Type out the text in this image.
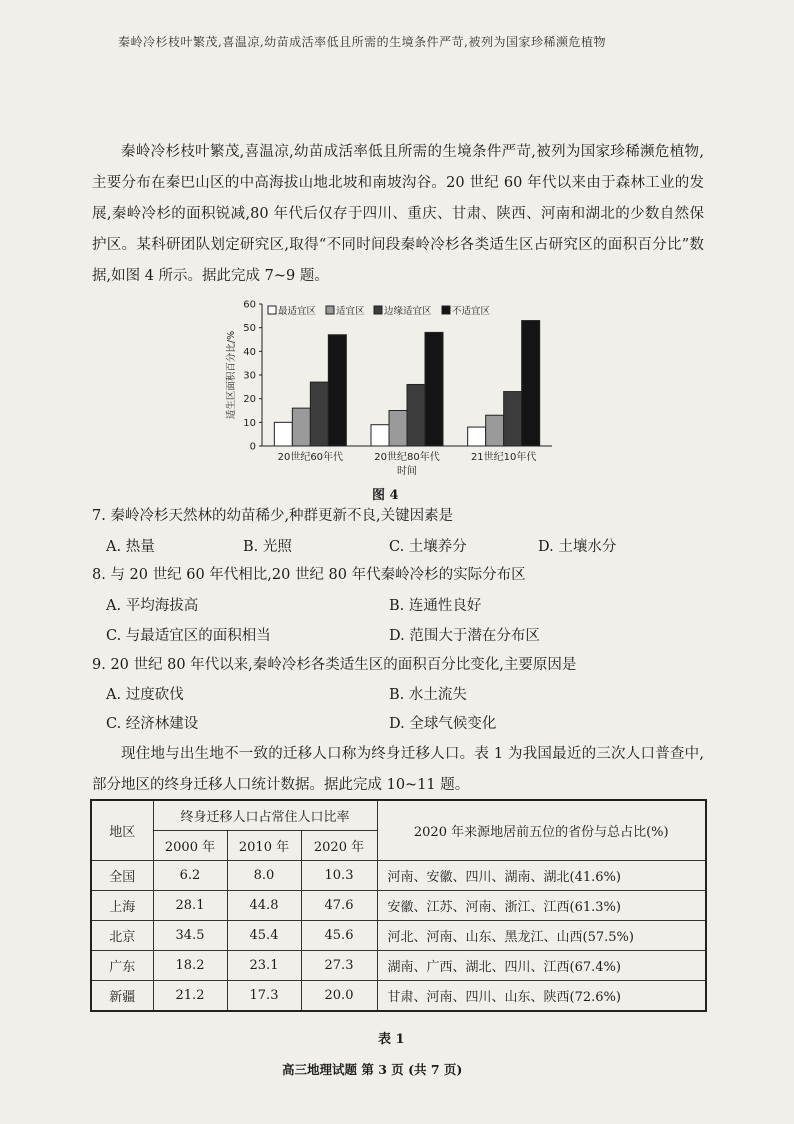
秦岭冷杉枝叶繁茂,喜温凉,幼苗成活率低且所需的生境条件严苛,被列为国家珍稀濒危植物

秦岭冷杉枝叶繁茂,喜温凉,幼苗成活率低且所需的生境条件严苛,被列为国家珍稀濒危植物,主要分布在秦巴山区的中高海拔山地北坡和南坡沟谷。20 世纪 60 年代以来由于森林工业的发展,秦岭冷杉的面积锐减,80 年代后仅存于四川、重庆、甘肃、陕西、河南和湖北的少数自然保护区。某科研团队划定研究区,取得“不同时间段秦岭冷杉各类适生区占研究区的面积百分比”数据,如图 4 所示。据此完成 7~9 题。

0
10
20
30
40
50
60
适生区面积百分比/%
20世纪60年代	20世纪80年代	21世纪10年代
时间
最适宜区 适宜区 边缘适宜区 不适宜区
图 4
7. 秦岭冷杉天然林的幼苗稀少,种群更新不良,关键因素是
A. 热量	B. 光照	C. 土壤养分	D. 土壤水分
8. 与 20 世纪 60 年代相比,20 世纪 80 年代秦岭冷杉的实际分布区
A. 平均海拔高	B. 连通性良好
C. 与最适宜区的面积相当	D. 范围大于潜在分布区
9. 20 世纪 80 年代以来,秦岭冷杉各类适生区的面积百分比变化,主要原因是
A. 过度砍伐	B. 水土流失
C. 经济林建设	D. 全球气候变化

现住地与出生地不一致的迁移人口称为终身迁移人口。表 1 为我国最近的三次人口普查中,部分地区的终身迁移人口统计数据。据此完成 10~11 题。

地区	终身迁移人口占常住人口比率			2020 年来源地居前五位的省份与总占比(%)
	2000 年	2010 年	2020 年	
全国	6.2	8.0	10.3	河南、安徽、四川、湖南、湖北(41.6%)
上海	28.1	44.8	47.6	安徽、江苏、河南、浙江、江西(61.3%)
北京	34.5	45.4	45.6	河北、河南、山东、黑龙江、山西(57.5%)
广东	18.2	23.1	27.3	湖南、广西、湖北、四川、江西(67.4%)
新疆	21.2	17.3	20.0	甘肃、河南、四川、山东、陕西(72.6%)
表 1
高三地理试题 第 3 页 (共 7 页)
